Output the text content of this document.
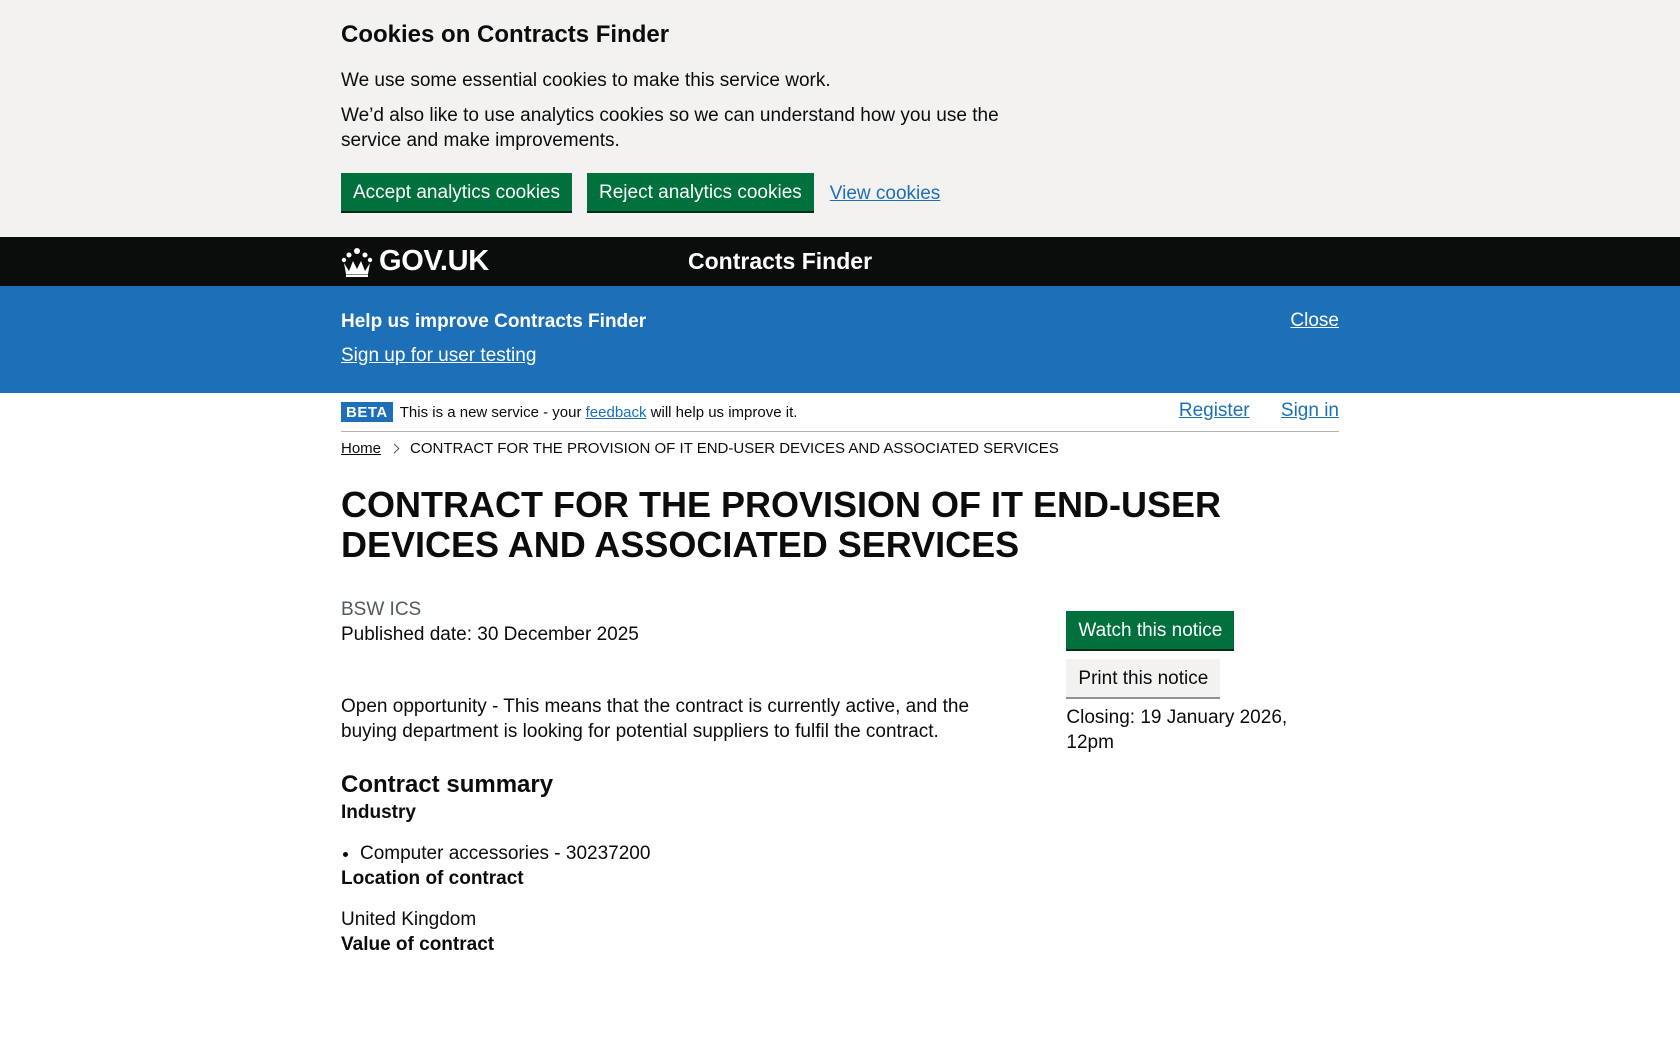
Cookies on Contracts Finder

We use some essential cookies to make this service work.

We’d also like to use analytics cookies so we can understand how you use the service and make improvements.

Accept analytics cookies	Reject analytics cookies	View cookies
GOV.UK	Contracts Finder
Help us improve Contracts Finder
Sign up for user testing
Close
BETA This is a new service - your feedback will help us improve it.	Register Sign in
Home CONTRACT FOR THE PROVISION OF IT END-USER DEVICES AND ASSOCIATED SERVICES
CONTRACT FOR THE PROVISION OF IT END-USER DEVICES AND ASSOCIATED SERVICES
BSW ICS
Published date: 30 December 2025
Open opportunity - This means that the contract is currently active, and the buying department is looking for potential suppliers to fulfil the contract.
Contract summary
Industry
• Computer accessories - 30237200
Location of contract
United Kingdom
Value of contract
Watch this notice
Print this notice
Closing: 19 January 2026, 12pm
